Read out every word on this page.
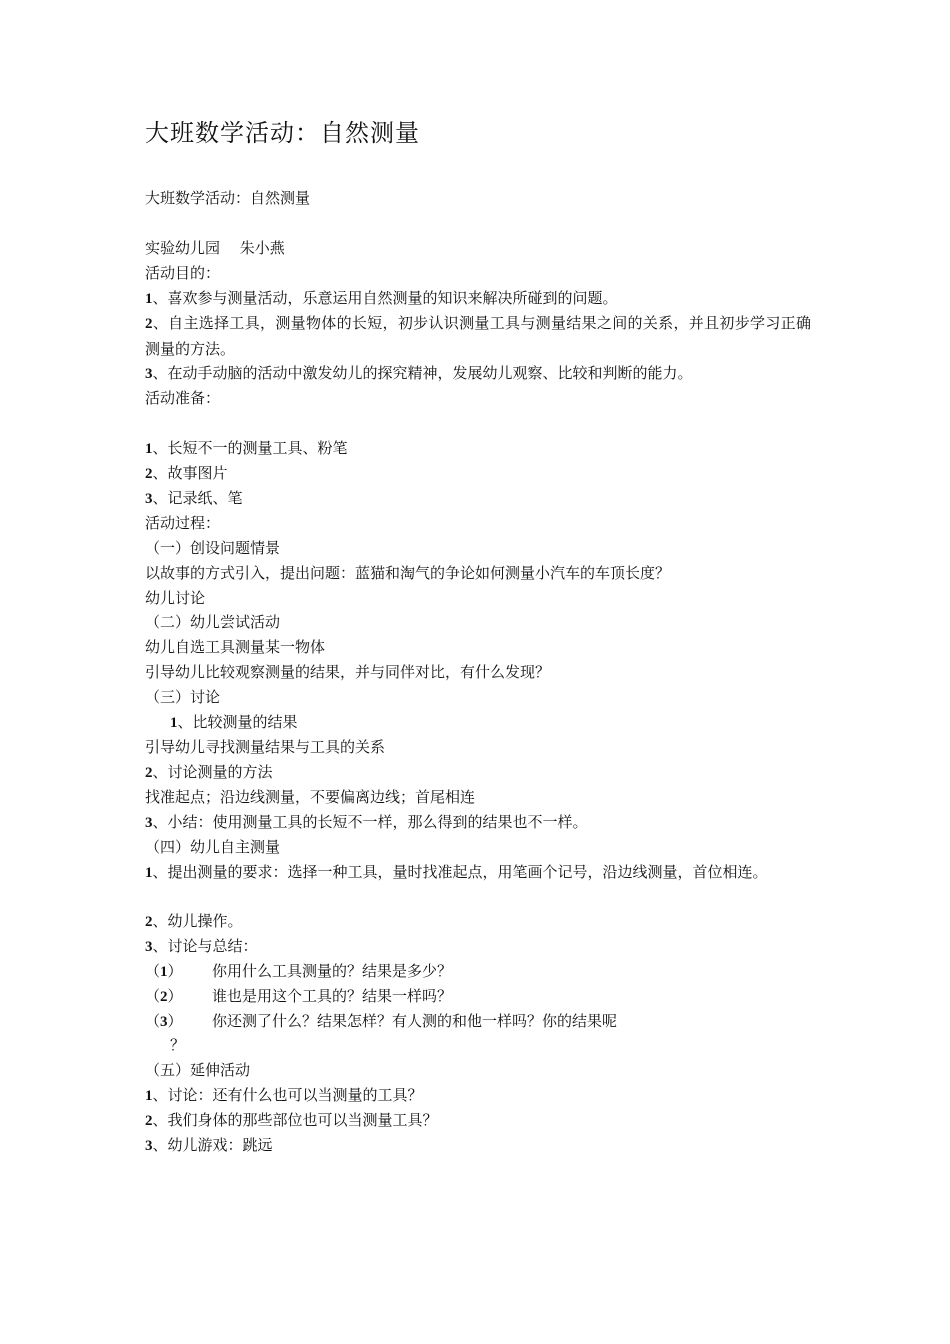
大班数学活动：自然测量
大班数学活动：自然测量
实验幼儿园　 朱小燕
活动目的：
1、喜欢参与测量活动，乐意运用自然测量的知识来解决所碰到的问题。
2、自主选择工具，测量物体的长短，初步认识测量工具与测量结果之间的关系，并且初步学习正确测量的方法。
3、在动手动脑的活动中激发幼儿的探究精神，发展幼儿观察、比较和判断的能力。
活动准备：
1、长短不一的测量工具、粉笔
2、故事图片
3、记录纸、笔
活动过程：
（一）创设问题情景
以故事的方式引入，提出问题：蓝猫和淘气的争论如何测量小汽车的车顶长度？
幼儿讨论
（二）幼儿尝试活动
幼儿自选工具测量某一物体
引导幼儿比较观察测量的结果，并与同伴对比，有什么发现？
（三）讨论
1、比较测量的结果
引导幼儿寻找测量结果与工具的关系
2、讨论测量的方法
找准起点；沿边线测量，不要偏离边线；首尾相连
3、小结：使用测量工具的长短不一样，那么得到的结果也不一样。
（四）幼儿自主测量
1、提出测量的要求：选择一种工具，量时找准起点，用笔画个记号，沿边线测量，首位相连。
2、幼儿操作。
3、讨论与总结：
（1） 你用什么工具测量的？结果是多少？
（2） 谁也是用这个工具的？结果一样吗？
（3） 你还测了什么？结果怎样？有人测的和他一样吗？你的结果呢
？
（五）延伸活动
1、讨论：还有什么也可以当测量的工具？
2、我们身体的那些部位也可以当测量工具？
3、幼儿游戏：跳远
